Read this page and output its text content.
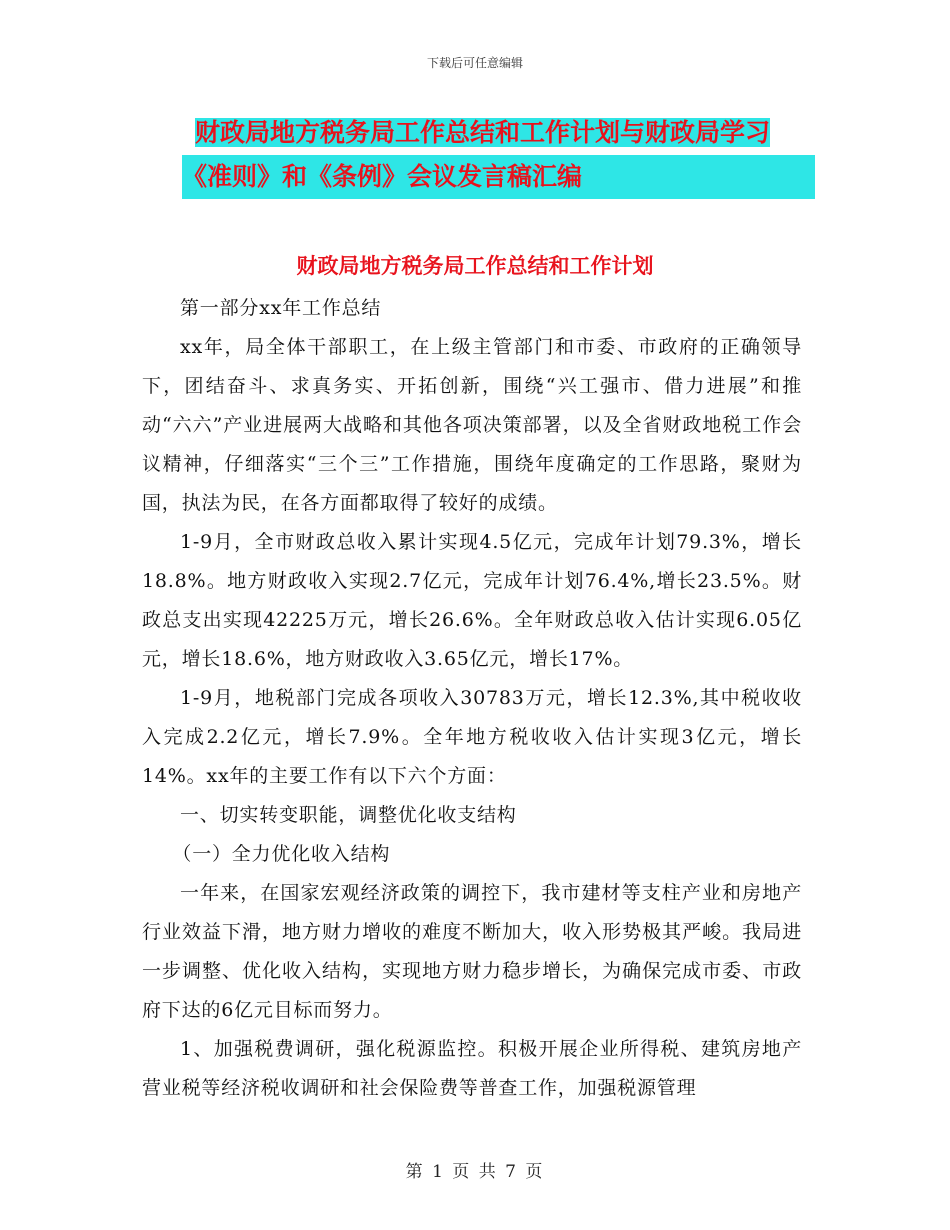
下载后可任意编辑
财政局地方税务局工作总结和工作计划与财政局学习
《准则》和《条例》会议发言稿汇编
财政局地方税务局工作总结和工作计划

第一部分xx年工作总结

xx年，局全体干部职工，在上级主管部门和市委、市政府的正确领导下，团结奋斗、求真务实、开拓创新，围绕“兴工强市、借力进展”和推动“六六”产业进展两大战略和其他各项决策部署，以及全省财政地税工作会议精神，仔细落实“三个三”工作措施，围绕年度确定的工作思路，聚财为国，执法为民，在各方面都取得了较好的成绩。

1-9月，全市财政总收入累计实现4.5亿元，完成年计划79.3%，增长18.8%。地方财政收入实现2.7亿元，完成年计划76.4%,增长23.5%。财政总支出实现42225万元，增长26.6%。全年财政总收入估计实现6.05亿元，增长18.6%，地方财政收入3.65亿元，增长17%。

1-9月，地税部门完成各项收入30783万元，增长12.3%,其中税收收入完成2.2亿元，增长7.9%。全年地方税收收入估计实现3亿元，增长14%。xx年的主要工作有以下六个方面：

一、切实转变职能，调整优化收支结构

（一）全力优化收入结构

一年来，在国家宏观经济政策的调控下，我市建材等支柱产业和房地产行业效益下滑，地方财力增收的难度不断加大，收入形势极其严峻。我局进一步调整、优化收入结构，实现地方财力稳步增长，为确保完成市委、市政府下达的6亿元目标而努力。

1、加强税费调研，强化税源监控。积极开展企业所得税、建筑房地产营业税等经济税收调研和社会保险费等普查工作，加强税源管理

第 1 页 共 7 页
